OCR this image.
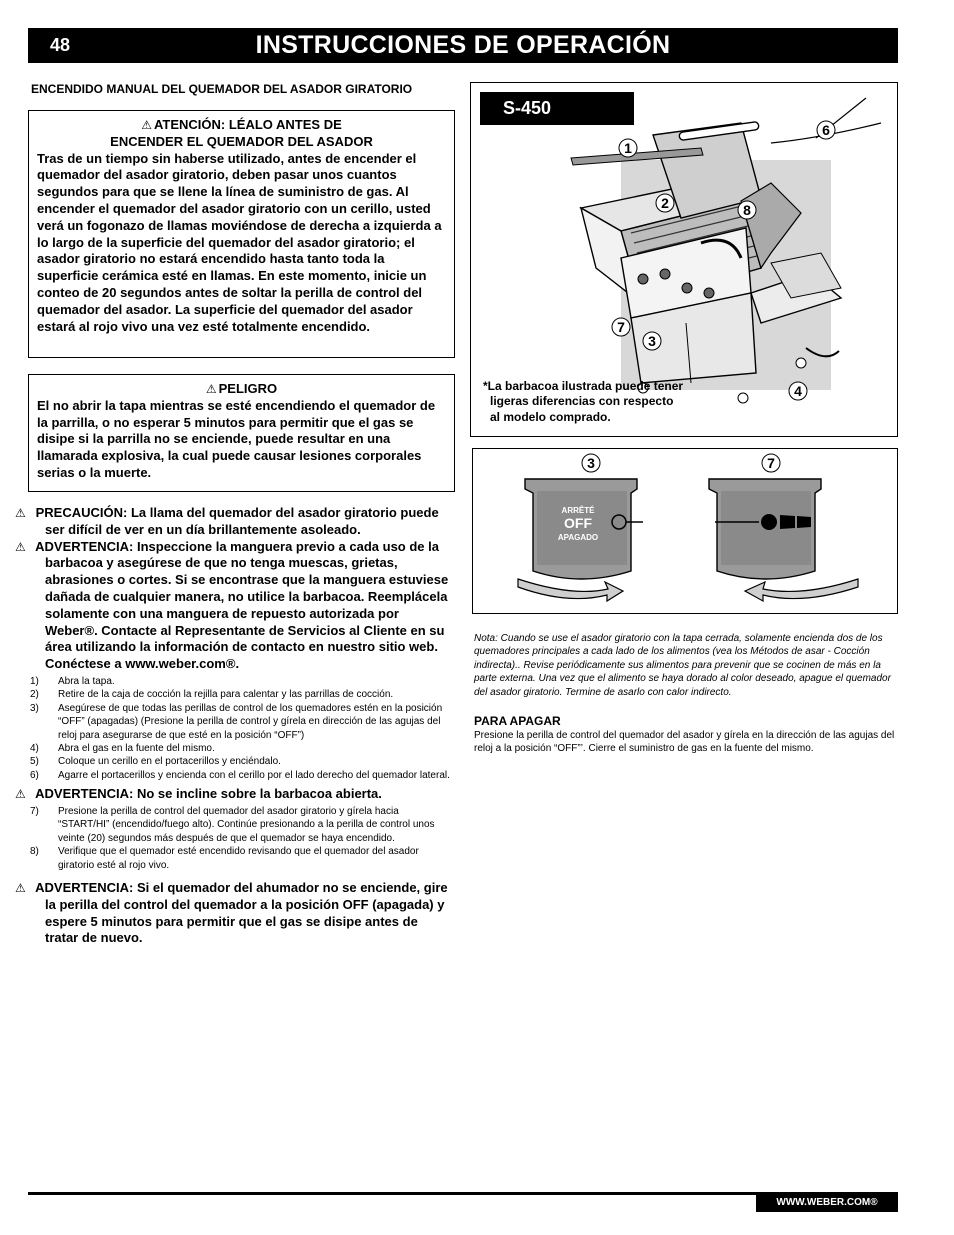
48	INSTRUCCIONES DE OPERACIÓN
ENCENDIDO MANUAL DEL QUEMADOR DEL ASADOR GIRATORIO
⚠ ATENCIÓN: LÉALO ANTES DE
ENCENDER EL QUEMADOR DEL ASADOR
Tras de un tiempo sin haberse utilizado, antes de encender el quemador del asador giratorio, deben pasar unos cuantos segundos para que se llene la línea de suministro de gas. Al encender el quemador del asador giratorio con un cerillo, usted verá un fogonazo de llamas moviéndose de derecha a izquierda a lo largo de la superficie del quemador del asador giratorio; el asador giratorio no estará encendido hasta tanto toda la superficie cerámica esté en llamas. En este momento, inicie un conteo de 20 segundos antes de soltar la perilla de control del quemador del asador. La superficie del quemador del asador estará al rojo vivo una vez esté totalmente encendido.
⚠ PELIGRO
El no abrir la tapa mientras se esté encendiendo el quemador de la parrilla, o no esperar 5 minutos para permitir que el gas se disipe si la parrilla no se enciende, puede resultar en una llamarada explosiva, la cual puede causar lesiones corporales serias o la muerte.

⚠ PRECAUCIÓN: La llama del quemador del asador giratorio puede ser difícil de ver en un día brillantemente asoleado.

⚠ ADVERTENCIA: Inspeccione la manguera previo a cada uso de la barbacoa y asegúrese de que no tenga muescas, grietas, abrasiones o cortes. Si se encontrase que la manguera estuviese dañada de cualquier manera, no utilice la barbacoa. Reemplácela solamente con una manguera de repuesto autorizada por Weber®. Contacte al Representante de Servicios al Cliente en su área utilizando la información de contacto en nuestro sitio web. Conéctese a www.weber.com®.

1) Abra la tapa.
2) Retire de la caja de cocción la rejilla para calentar y las parrillas de cocción.
3) Asegúrese de que todas las perillas de control de los quemadores estén en la posición “OFF” (apagadas) (Presione la perilla de control y gírela en dirección de las agujas del reloj para asegurarse de que esté en la posición “OFF”)
4) Abra el gas en la fuente del mismo.
5) Coloque un cerillo en el portacerillos y enciéndalo.
6) Agarre el portacerillos y encienda con el cerillo por el lado derecho del quemador lateral.

⚠ ADVERTENCIA: No se incline sobre la barbacoa abierta.

7) Presione la perilla de control del quemador del asador giratorio y gírela hacia “START/HI” (encendido/fuego alto). Continúe presionando a la perilla de control unos veinte (20) segundos más después de que el quemador se haya encendido.
8) Verifique que el quemador esté encendido revisando que el quemador del asador giratorio esté al rojo vivo.

⚠ ADVERTENCIA: Si el quemador del ahumador no se enciende, gire la perilla del control del quemador a la posición OFF (apagada) y espere 5 minutos para permitir que el gas se disipe antes de tratar de nuevo.

S-450
1
2
3
4
6
7
8
*La barbacoa ilustrada puede tener
ligeras diferencias con respecto
al modelo comprado.
ARRÊTÉ
OFF
APAGADO
3	7
Nota: Cuando se use el asador giratorio con la tapa cerrada, solamente encienda dos de los quemadores principales a cada lado de los alimentos (vea los Métodos de asar - Cocción indirecta).. Revise periódicamente sus alimentos para prevenir que se cocinen de más en la parte externa. Una vez que el alimento se haya dorado al color deseado, apague el quemador del asador giratorio. Termine de asarlo con calor indirecto.
PARA APAGAR
Presione la perilla de control del quemador del asador y gírela en la dirección de las agujas del reloj a la posición “OFF”’. Cierre el suministro de gas en la fuente del mismo.
WWW.WEBER.COM®
